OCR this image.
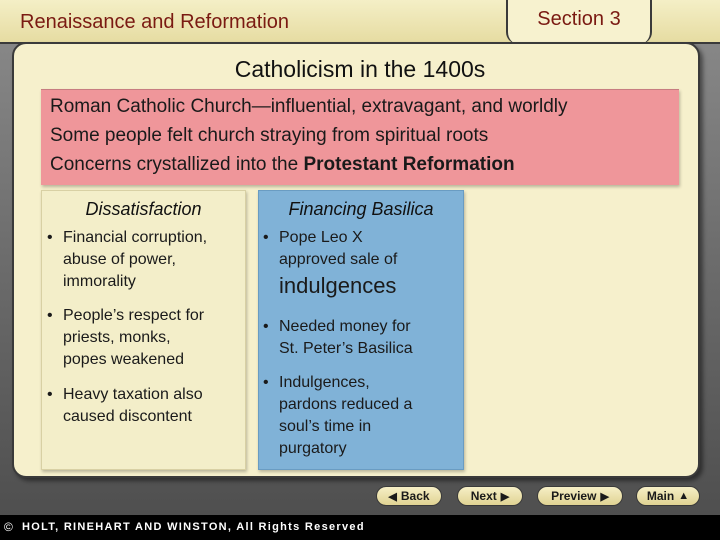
Renaissance and Reformation	Section 3
Catholicism in the 1400s
Roman Catholic Church—influential, extravagant, and worldly
Some people felt church straying from spiritual roots
Concerns crystallized into the Protestant Reformation
Dissatisfaction
• Financial corruption,
abuse of power,
immorality
• People’s respect for
priests, monks,
popes weakened
• Heavy taxation also
caused discontent
Financing Basilica
• Pope Leo X
approved sale of
indulgences
• Needed money for
St. Peter’s Basilica
• Indulgences,
pardons reduced a
soul’s time in
purgatory
◀ Back	Next ▶	Preview ▶	Main ▲
© HOLT, RINEHART AND WINSTON, All Rights Reserved
